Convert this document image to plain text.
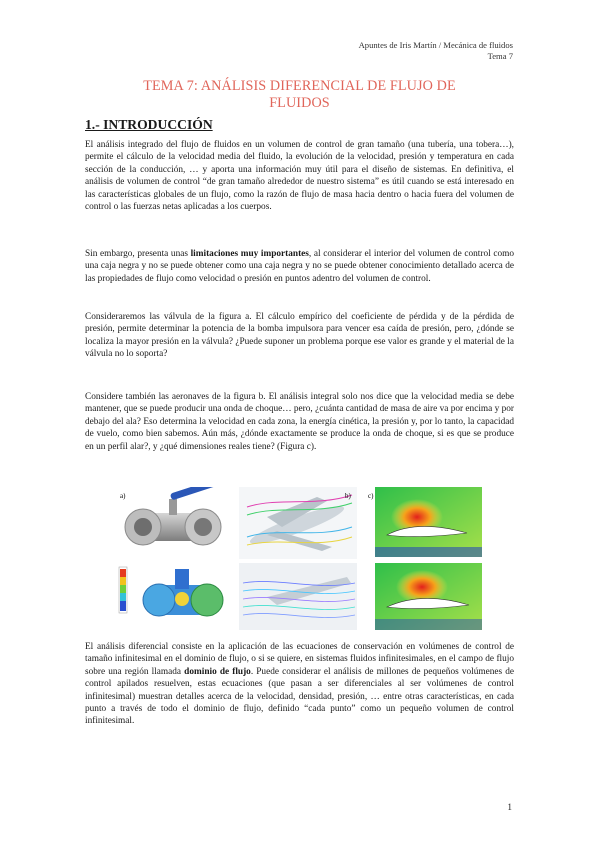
Apuntes de Iris Martín / Mecánica de fluidos
Tema 7
TEMA 7: ANÁLISIS DIFERENCIAL DE FLUJO DE
FLUIDOS
1.- INTRODUCCIÓN

El análisis integrado del flujo de fluidos en un volumen de control de gran tamaño (una tubería, una tobera…), permite el cálculo de la velocidad media del fluido, la evolución de la velocidad, presión y temperatura en cada sección de la conducción, … y aporta una información muy útil para el diseño de sistemas. En definitiva, el análisis de volumen de control “de gran tamaño alrededor de nuestro sistema” es útil cuando se está interesado en las características globales de un flujo, como la razón de flujo de masa hacia dentro o hacia fuera del volumen de control o las fuerzas netas aplicadas a los cuerpos.

Sin embargo, presenta unas limitaciones muy importantes, al considerar el interior del volumen de control como una caja negra y no se puede obtener como una caja negra y no se puede obtener conocimiento detallado acerca de las propiedades de flujo como velocidad o presión en puntos adentro del volumen de control.

Consideraremos las válvula de la figura a. El cálculo empírico del coeficiente de pérdida y de la pérdida de presión, permite determinar la potencia de la bomba impulsora para vencer esa caída de presión, pero, ¿dónde se localiza la mayor presión en la válvula? ¿Puede suponer un problema porque ese valor es grande y el material de la válvula no lo soporta?

Considere también las aeronaves de la figura b. El análisis integral solo nos dice que la velocidad media se debe mantener, que se puede producir una onda de choque… pero, ¿cuánta cantidad de masa de aire va por encima y por debajo del ala? Eso determina la velocidad en cada zona, la energía cinética, la presión y, por lo tanto, la capacidad de vuelo, como bien sabemos. Aún más, ¿dónde exactamente se produce la onda de choque, si es que se produce en un perfil alar?, y ¿qué dimensiones reales tiene? (Figura c).

a)	b) c)

El análisis diferencial consiste en la aplicación de las ecuaciones de conservación en volúmenes de control de tamaño infinitesimal en el dominio de flujo, o si se quiere, en sistemas fluidos infinitesimales, en el campo de flujo sobre una región llamada dominio de flujo. Puede considerar el análisis de millones de pequeños volúmenes de control apilados resuelven, estas ecuaciones (que pasan a ser diferenciales al ser volúmenes de control infinitesimal) muestran detalles acerca de la velocidad, densidad, presión, … entre otras características, en cada punto a través de todo el dominio de flujo, definido “cada punto” como un pequeño volumen de control infinitesimal.

1
